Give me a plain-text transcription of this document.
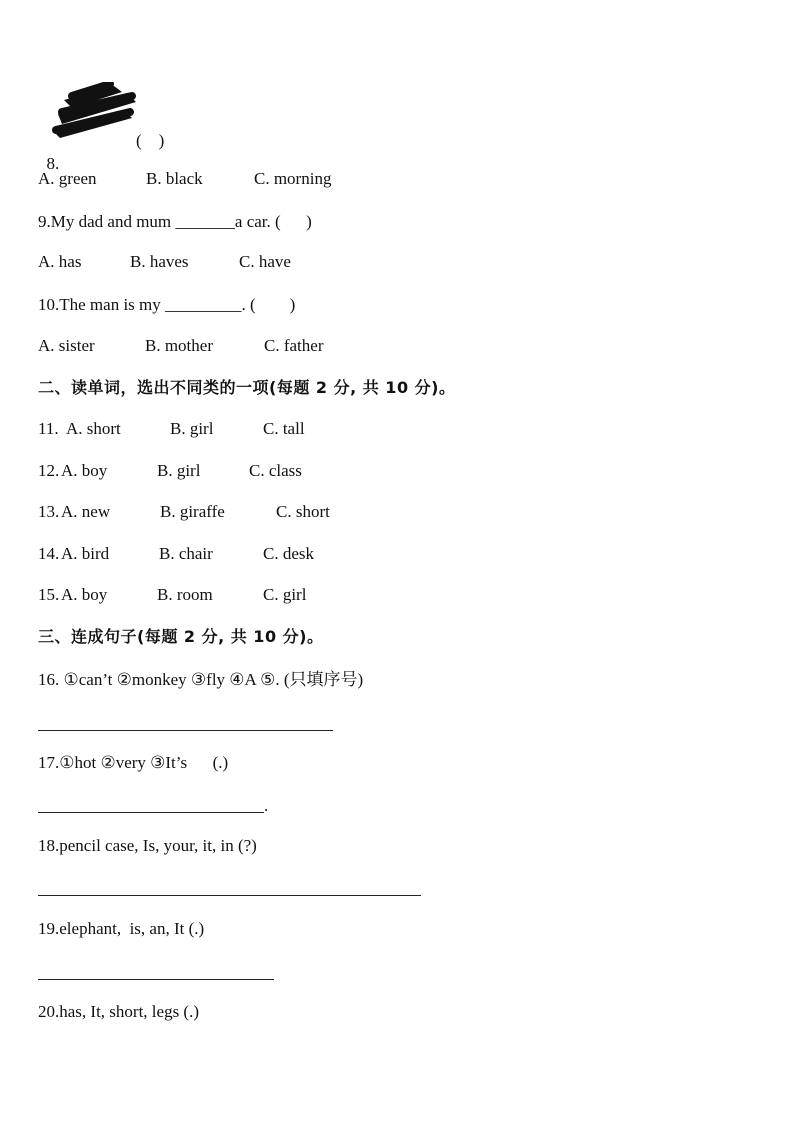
8.

(    )
A. green	B. black	C. morning
9.My dad and mum _______a car. (      )
A. has	B. haves	C. have
10.The man is my _________. (        )
A. sister	B. mother	C. father
二、读单词，选出不同类的一项(每题 2 分, 共 10 分)。
11. A. short	B. girl	C. tall
12. A. boy	B. girl	C. class
13. A. new	B. giraffe	C. short
14. A. bird	B. chair	C. desk
15. A. boy	B. room	C. girl
三、连成句子(每题 2 分, 共 10 分)。
16. ①can’t ②monkey ③fly ④A ⑤. (只填序号)
17.①hot ②very ③It’s      (.)
.
18.pencil case, Is, your, it, in (?)
19.elephant,  is, an, It (.)
20.has, It, short, legs (.)
